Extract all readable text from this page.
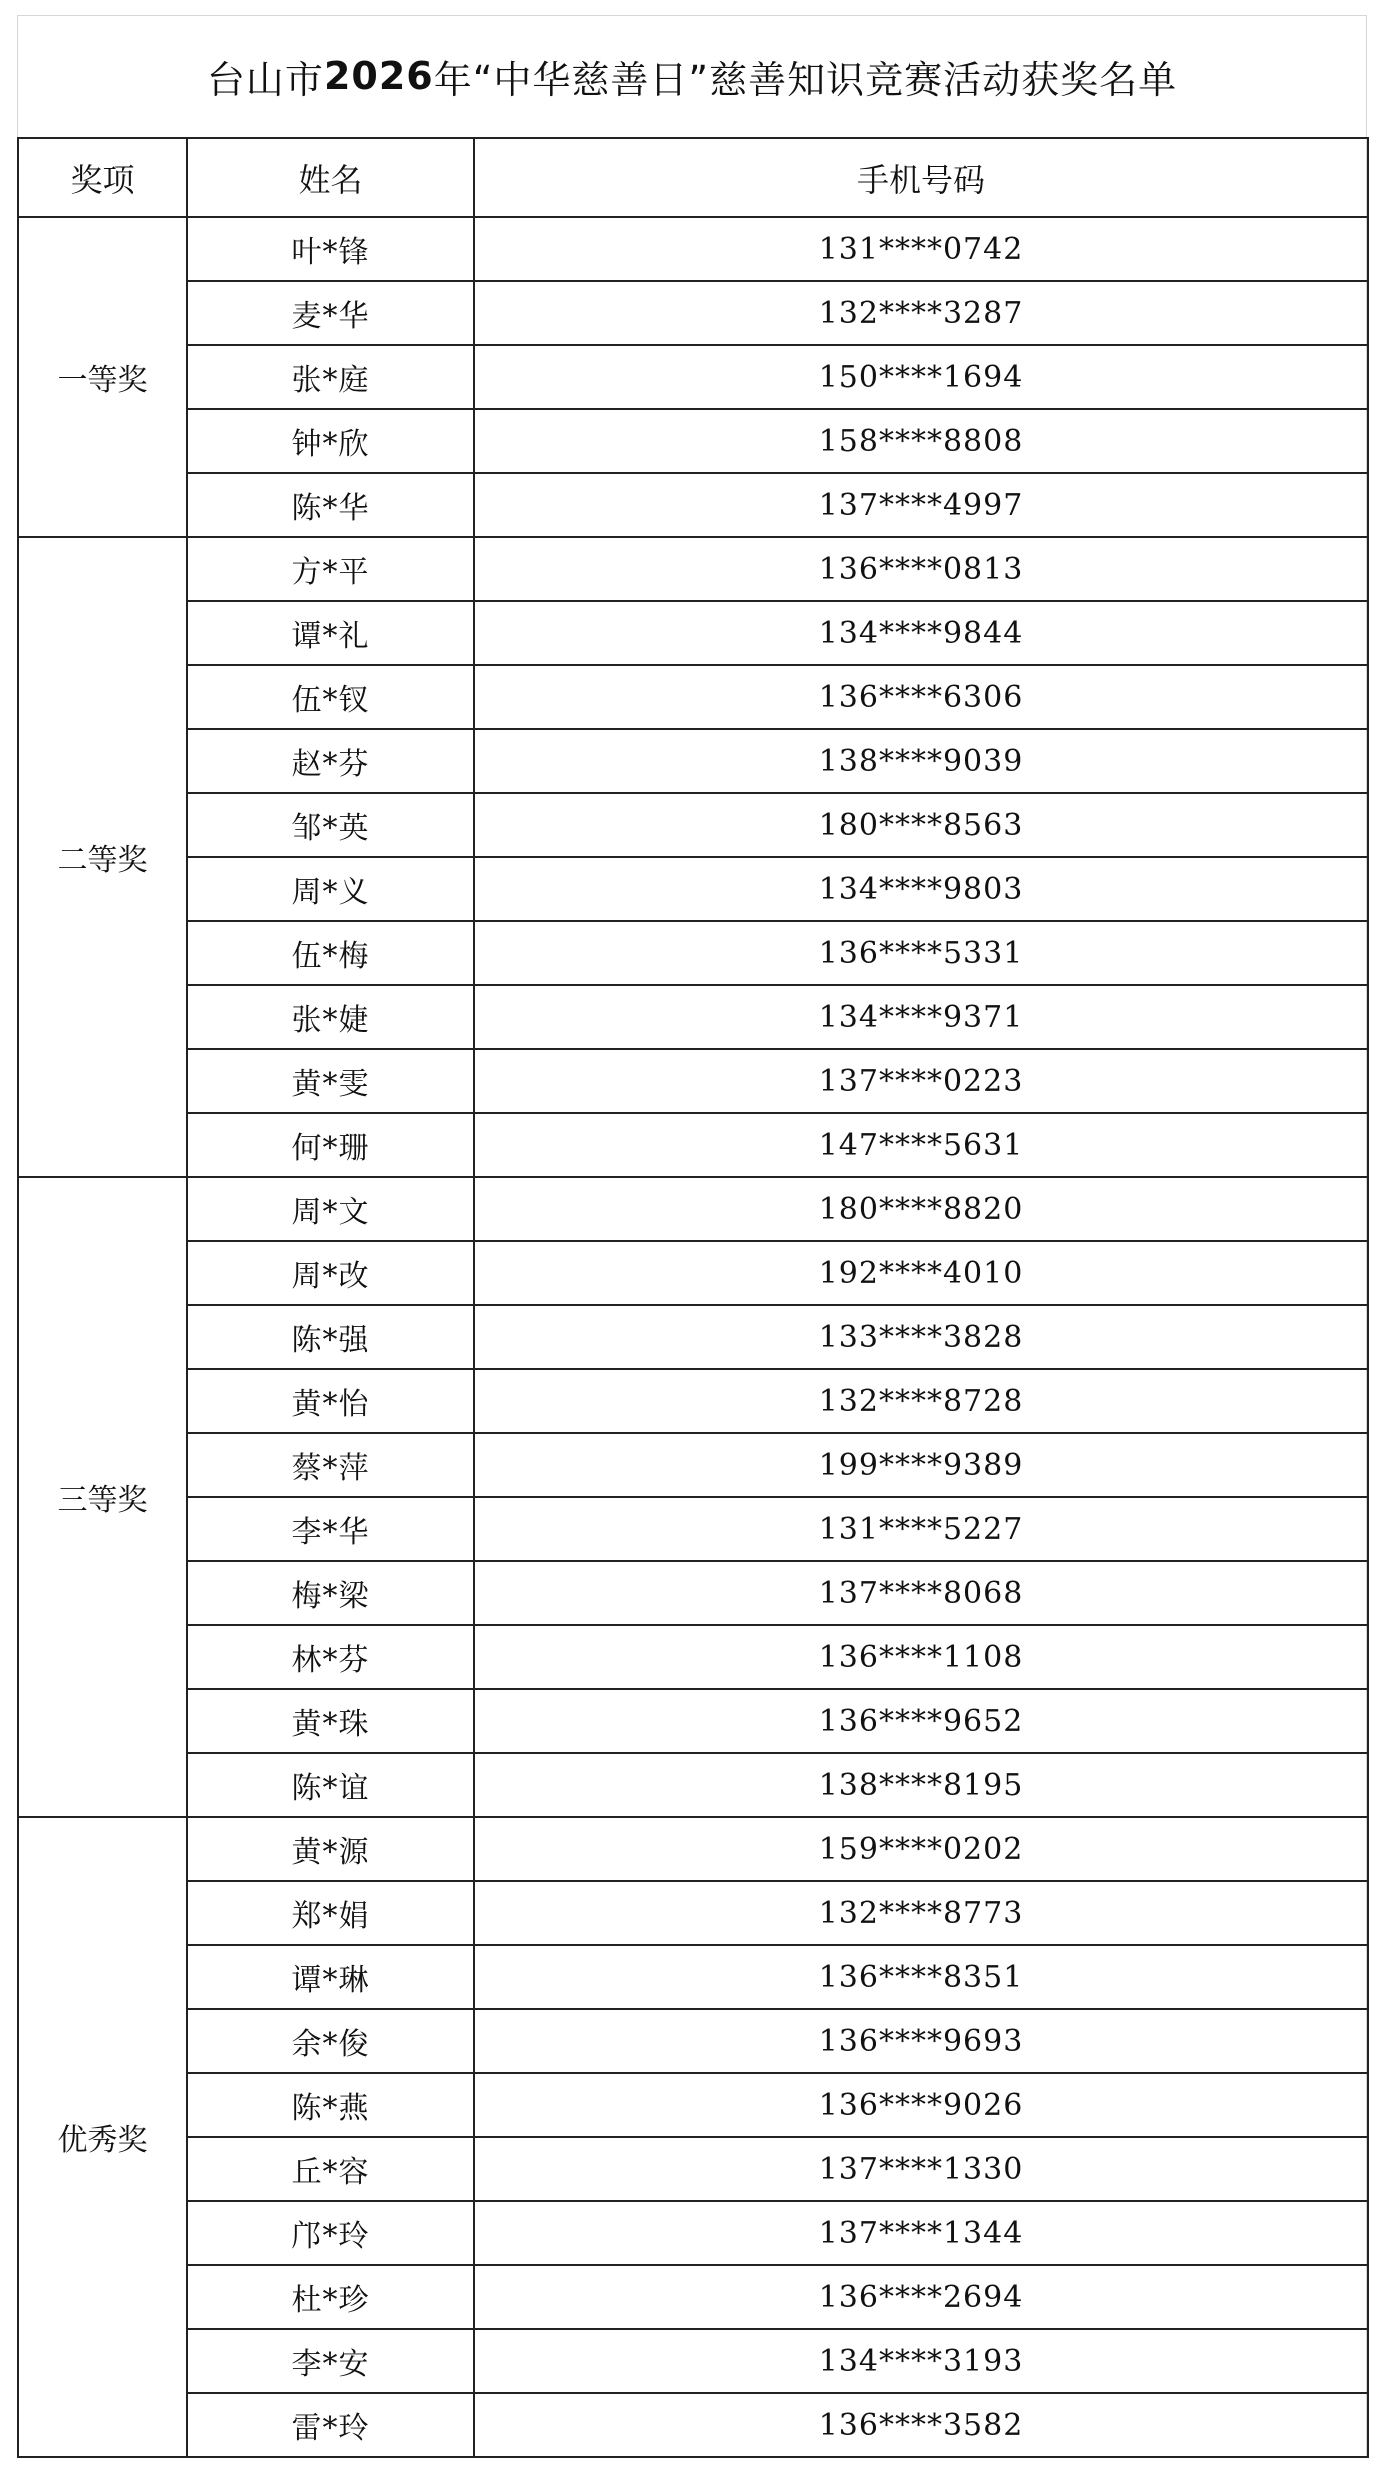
台山市 2026 年“中华慈善日”慈善知识竞赛活动获奖名单
奖项	姓名	手机号码
一等奖	叶*锋	131****0742
	麦*华	132****3287
	张*庭	150****1694
	钟*欣	158****8808
	陈*华	137****4997
二等奖	方*平	136****0813
	谭*礼	134****9844
	伍*钗	136****6306
	赵*芬	138****9039
	邹*英	180****8563
	周*义	134****9803
	伍*梅	136****5331
	张*婕	134****9371
	黄*雯	137****0223
	何*珊	147****5631
三等奖	周*文	180****8820
	周*改	192****4010
	陈*强	133****3828
	黄*怡	132****8728
	蔡*萍	199****9389
	李*华	131****5227
	梅*梁	137****8068
	林*芬	136****1108
	黄*珠	136****9652
	陈*谊	138****8195
优秀奖	黄*源	159****0202
	郑*娟	132****8773
	谭*琳	136****8351
	余*俊	136****9693
	陈*燕	136****9026
	丘*容	137****1330
	邝*玲	137****1344
	杜*珍	136****2694
	李*安	134****3193
	雷*玲	136****3582
